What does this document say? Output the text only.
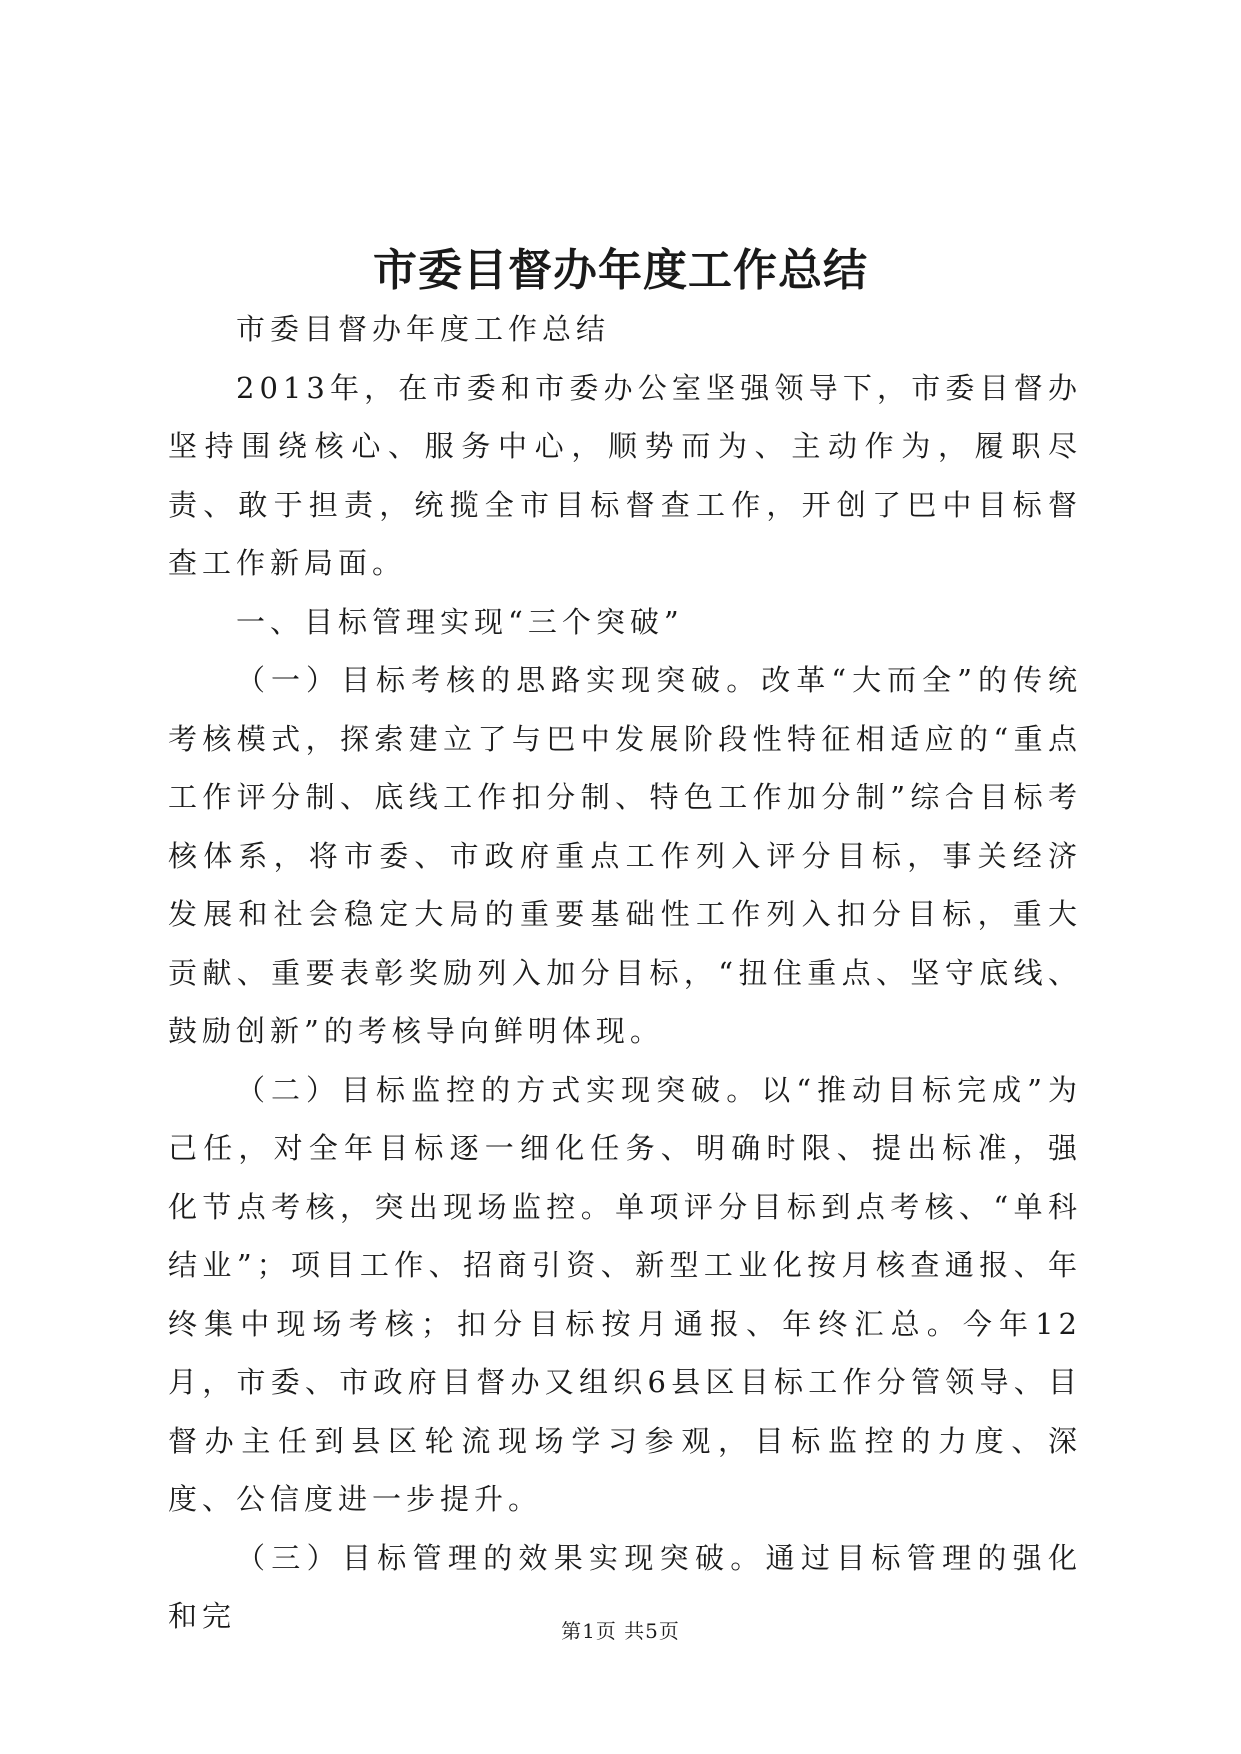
市委目督办年度工作总结

市委目督办年度工作总结

2013年，在市委和市委办公室坚强领导下，市委目督办坚持围绕核心、服务中心，顺势而为、主动作为，履职尽责、敢于担责，统揽全市目标督查工作，开创了巴中目标督查工作新局面。

一、目标管理实现“三个突破”

（一）目标考核的思路实现突破。改革“大而全”的传统考核模式，探索建立了与巴中发展阶段性特征相适应的“重点工作评分制、底线工作扣分制、特色工作加分制”综合目标考核体系，将市委、市政府重点工作列入评分目标，事关经济发展和社会稳定大局的重要基础性工作列入扣分目标，重大贡献、重要表彰奖励列入加分目标，“扭住重点、坚守底线、鼓励创新”的考核导向鲜明体现。

（二）目标监控的方式实现突破。以“推动目标完成”为己任，对全年目标逐一细化任务、明确时限、提出标准，强化节点考核，突出现场监控。单项评分目标到点考核、“单科结业”；项目工作、招商引资、新型工业化按月核查通报、年终集中现场考核；扣分目标按月通报、年终汇总。今年12月，市委、市政府目督办又组织6县区目标工作分管领导、目督办主任到县区轮流现场学习参观，目标监控的力度、深度、公信度进一步提升。

（三）目标管理的效果实现突破。通过目标管理的强化和完	第1页 共5页
